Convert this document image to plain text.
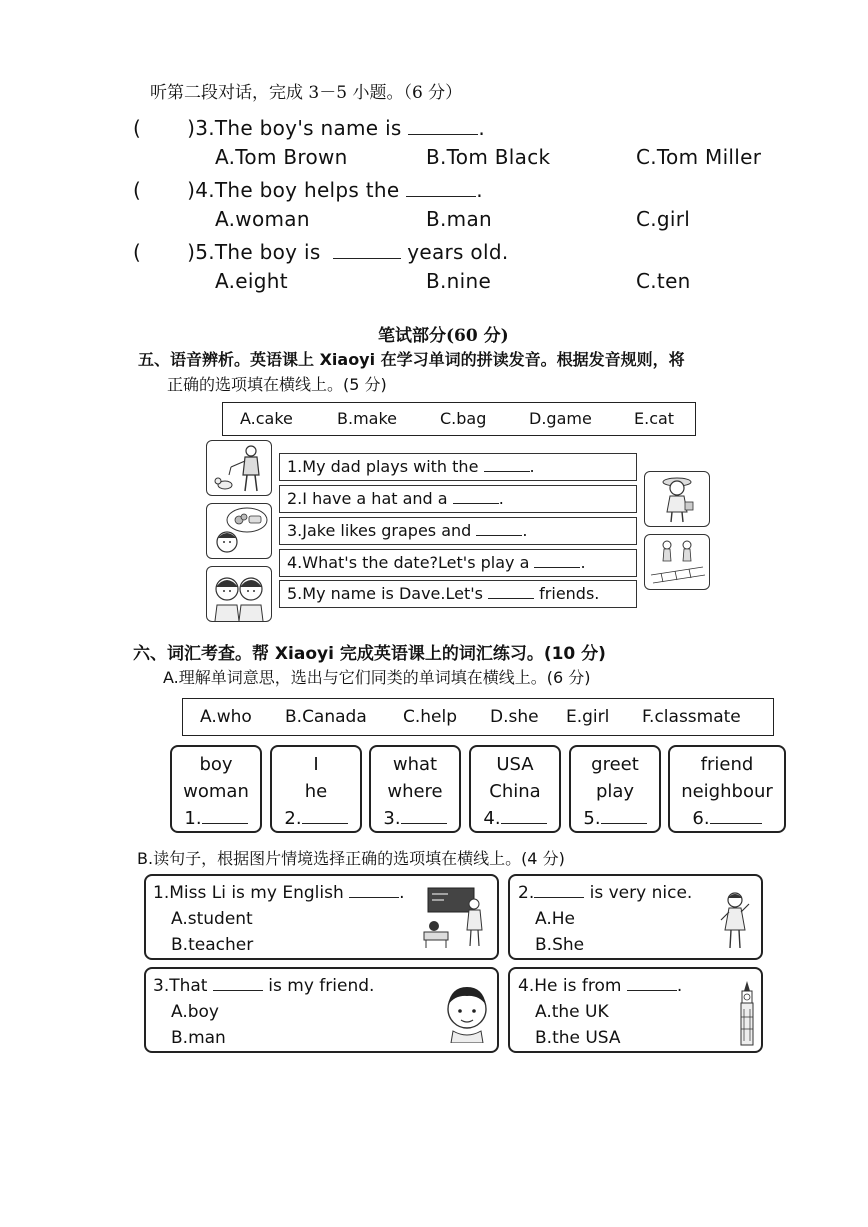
听第二段对话，完成 3－5 小题。（6 分）
( )3.The boy's name is	.
A.Tom Brown	B.Tom Black	C.Tom Miller
( )4.The boy helps the	.
A.woman	B.man	C.girl
( )5.The boy is	years old.
A.eight	B.nine	C.ten
笔试部分(60 分)
五、语音辨析。英语课上 Xiaoyi 在学习单词的拼读发音。根据发音规则，将
正确的选项填在横线上。(5 分)
A.cake	B.make	C.bag	D.game	E.cat
1.My dad plays with the	.
2.I have a hat and a	.
3.Jake likes grapes and	.
4.What's the date?Let's play a	.
5.My name is Dave.Let's	friends.
六、词汇考查。帮 Xiaoyi 完成英语课上的词汇练习。(10 分)
A.理解单词意思，选出与它们同类的单词填在横线上。(6 分)
A.who B.Canada C.help D.she E.girl F.classmate
boy
woman
1.
I
he
2.
what
where
3.
USA
China
4.
greet
play
5.
friend
neighbour
6.
B.读句子，根据图片情境选择正确的选项填在横线上。(4 分)
1.Miss Li is my English	.
A.student
B.teacher
2.	is very nice.
A.He
B.She
3.That	is my friend.
A.boy
B.man
4.He is from	.
A.the UK
B.the USA
